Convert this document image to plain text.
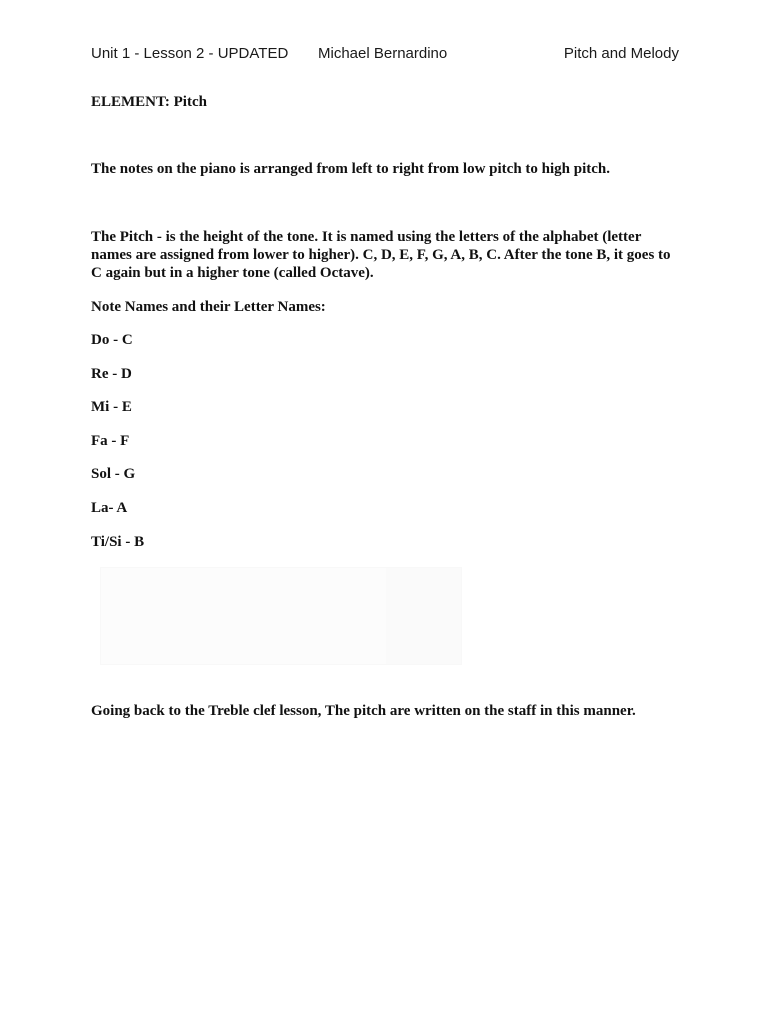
Unit 1 - Lesson 2 - UPDATED Michael Bernardino	Pitch and Melody
ELEMENT: Pitch
The notes on the piano is arranged from left to right from low pitch to high pitch.
The Pitch - is the height of the tone. It is named using the letters of the alphabet (letter
names are assigned from lower to higher). C, D, E, F, G, A, B, C. After the tone B, it goes to
C again but in a higher tone (called Octave).
Note Names and their Letter Names:
Do - C
Re - D
Mi - E
Fa - F
Sol - G
La- A
Ti/Si - B
Going back to the Treble clef lesson, The pitch are written on the staff in this manner.
